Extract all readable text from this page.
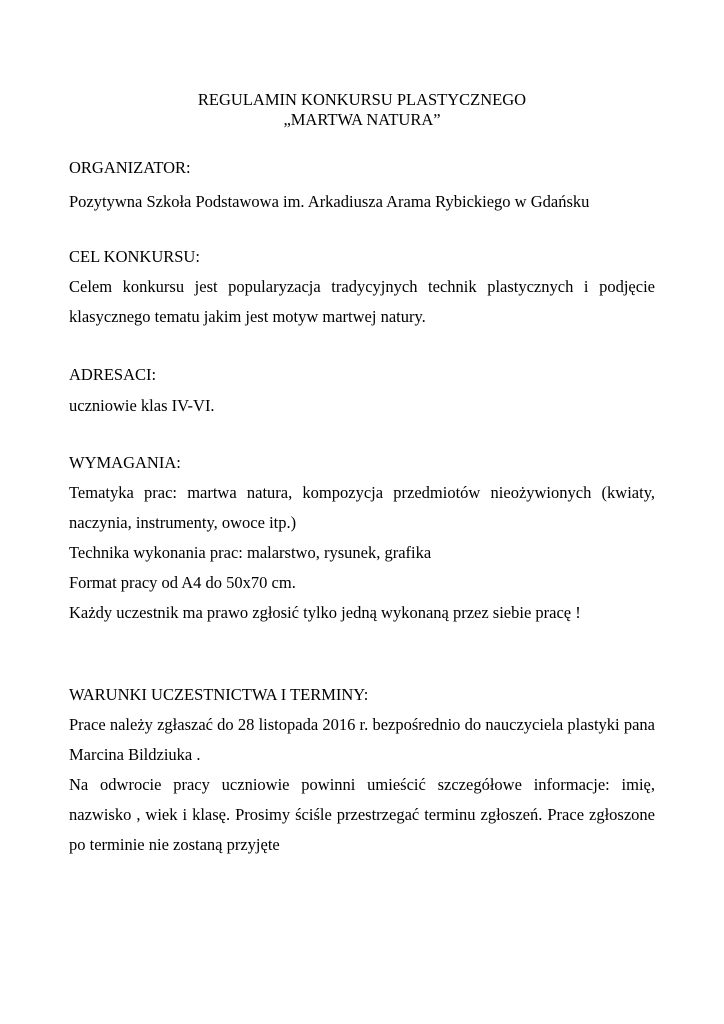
REGULAMIN KONKURSU PLASTYCZNEGO
„MARTWA NATURA”
ORGANIZATOR:
Pozytywna Szkoła Podstawowa im. Arkadiusza Arama Rybickiego w Gdańsku
CEL KONKURSU:
Celem konkursu jest popularyzacja tradycyjnych technik plastycznych i podjęcie klasycznego tematu jakim jest motyw martwej natury.
ADRESACI:
uczniowie klas IV-VI.
WYMAGANIA:
Tematyka prac: martwa natura, kompozycja przedmiotów nieożywionych (kwiaty, naczynia, instrumenty, owoce itp.)
Technika wykonania prac: malarstwo, rysunek, grafika
Format pracy od A4 do 50x70 cm.
Każdy uczestnik ma prawo zgłosić tylko jedną wykonaną przez siebie pracę !
WARUNKI UCZESTNICTWA I TERMINY:
Prace należy zgłaszać do 28 listopada 2016 r. bezpośrednio do nauczyciela plastyki pana Marcina Bildziuka .
Na odwrocie pracy uczniowie powinni umieścić szczegółowe informacje: imię, nazwisko , wiek i klasę. Prosimy ściśle przestrzegać terminu zgłoszeń. Prace zgłoszone po terminie nie zostaną przyjęte
